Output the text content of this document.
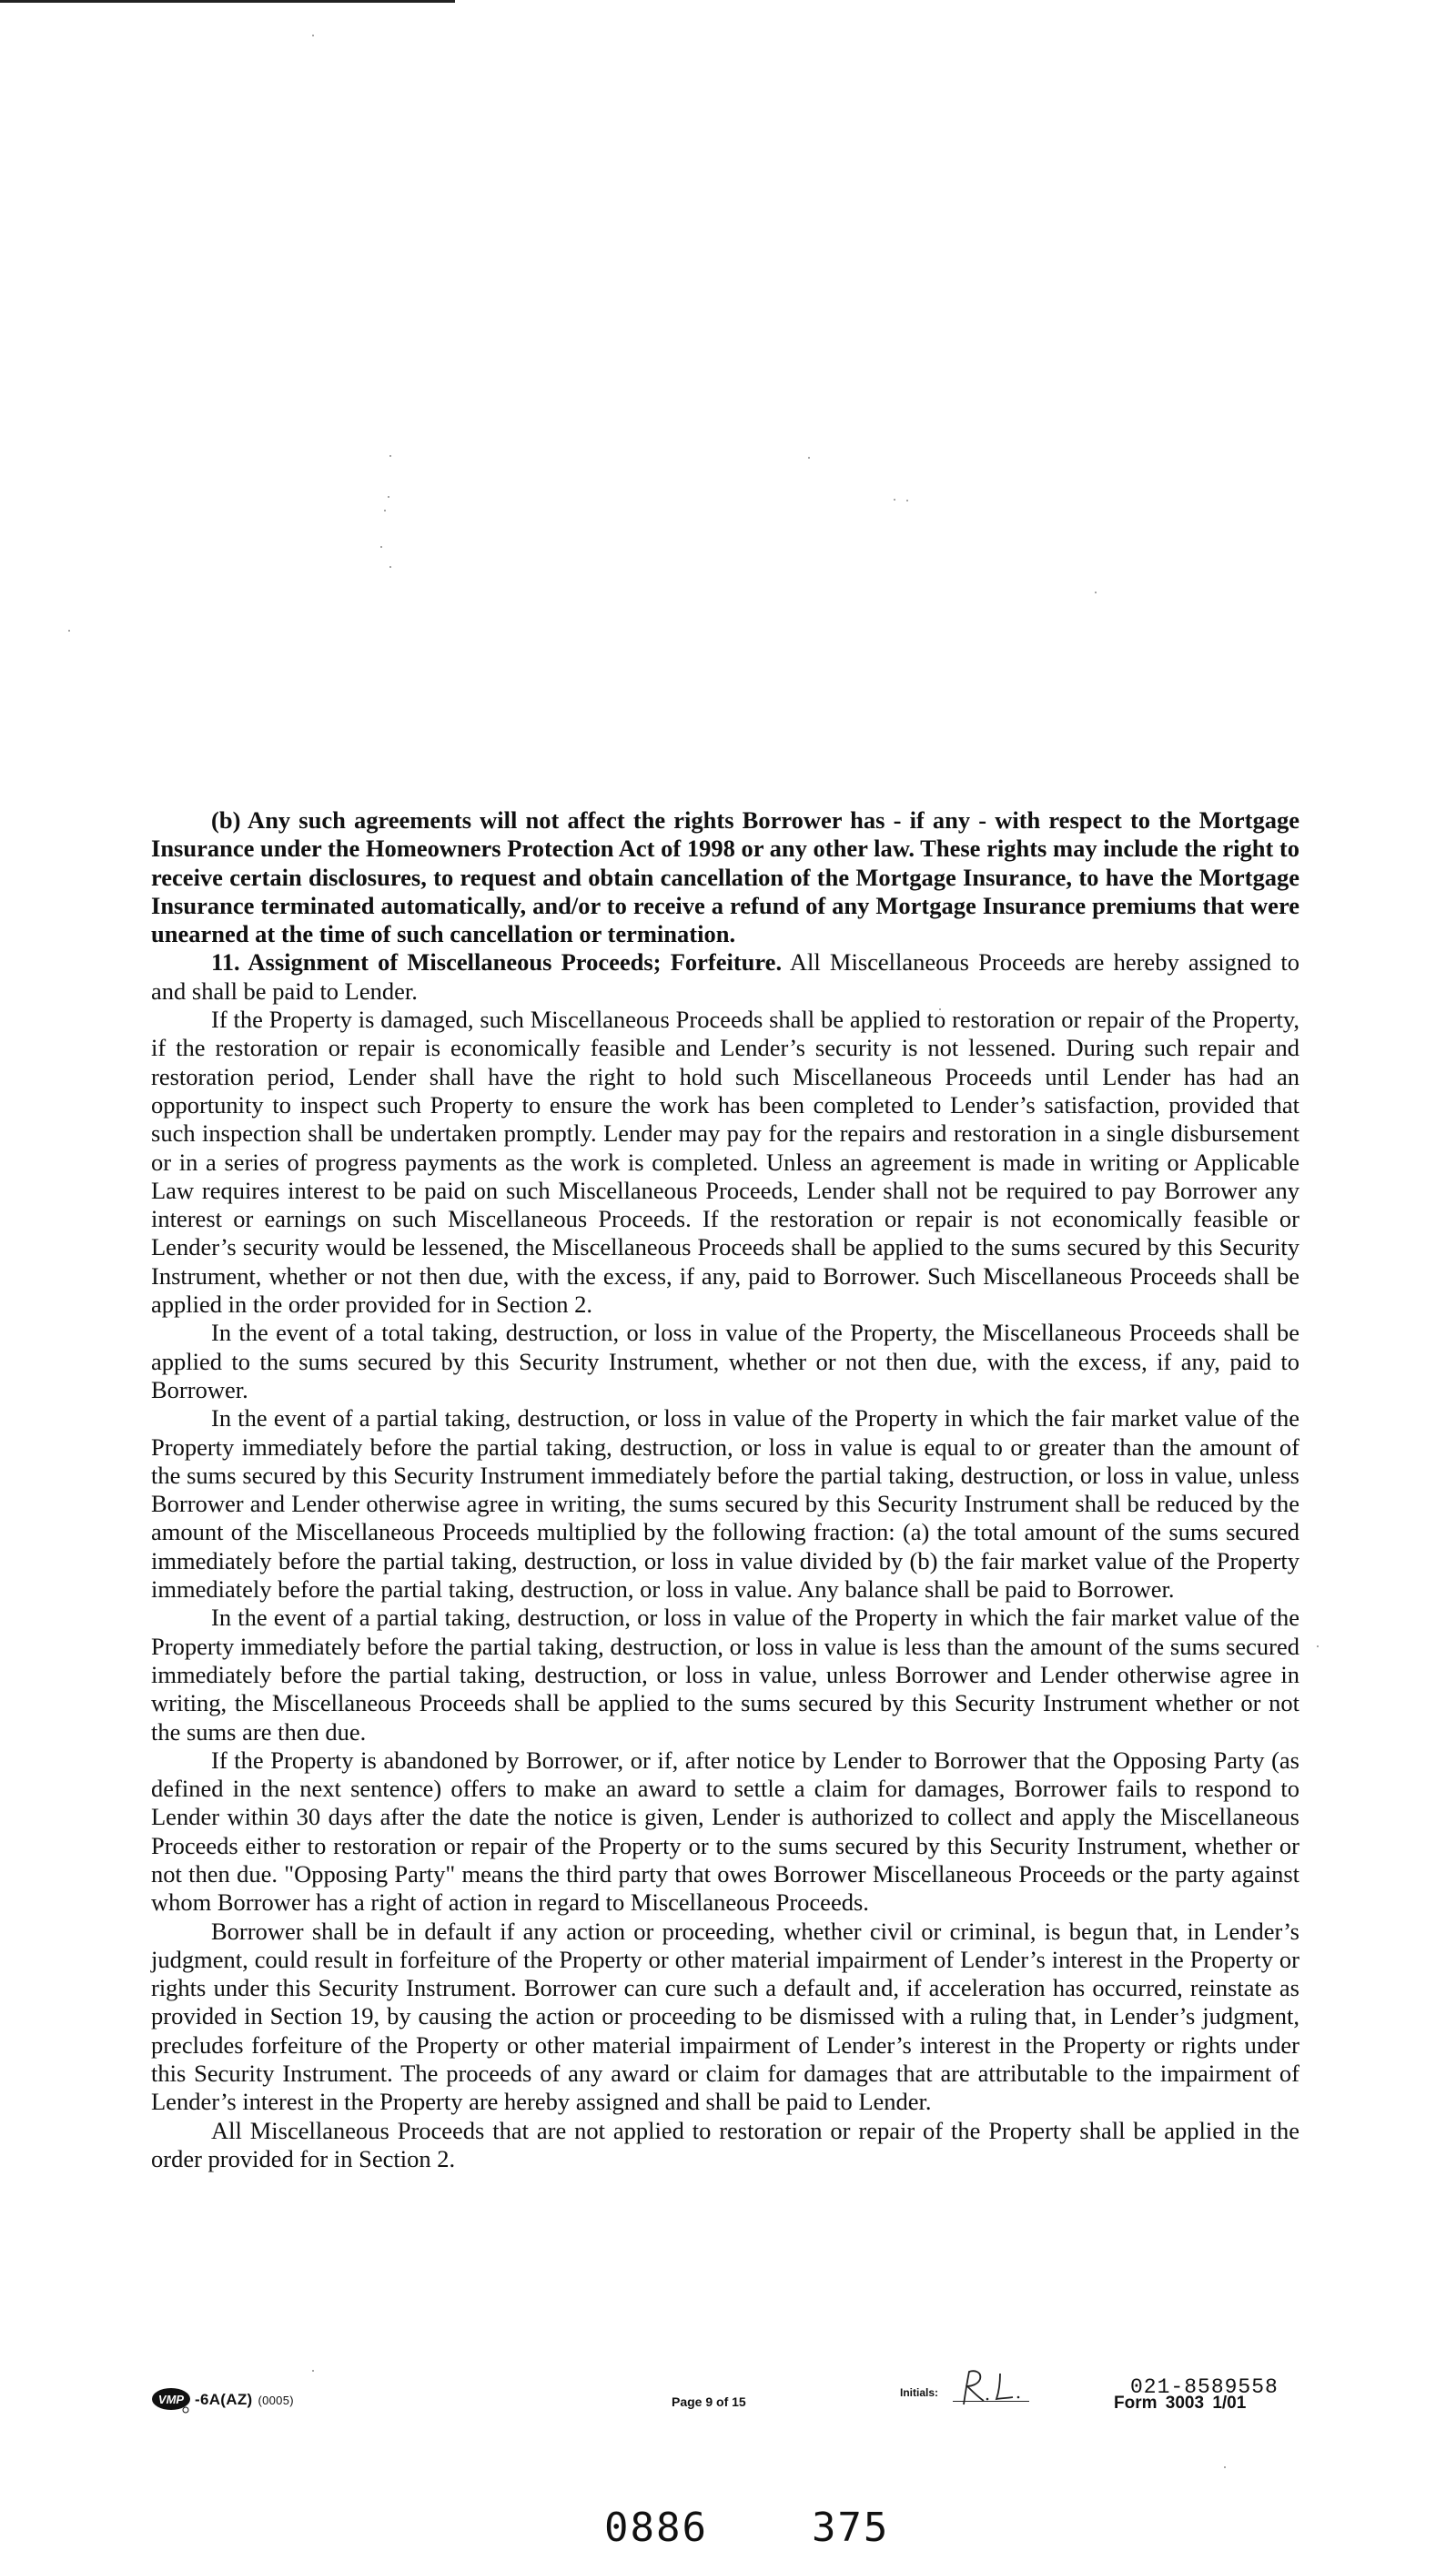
(b) Any such agreements will not affect the rights Borrower has - if any - with respect to the Mortgage Insurance under the Homeowners Protection Act of 1998 or any other law. These rights may include the right to receive certain disclosures, to request and obtain cancellation of the Mortgage Insurance, to have the Mortgage Insurance terminated automatically, and/or to receive a refund of any Mortgage Insurance premiums that were unearned at the time of such cancellation or termination.

11. Assignment of Miscellaneous Proceeds; Forfeiture. All Miscellaneous Proceeds are hereby assigned to and shall be paid to Lender.

If the Property is damaged, such Miscellaneous Proceeds shall be applied to restoration or repair of the Property, if the restoration or repair is economically feasible and Lender’s security is not lessened. During such repair and restoration period, Lender shall have the right to hold such Miscellaneous Proceeds until Lender has had an opportunity to inspect such Property to ensure the work has been completed to Lender’s satisfaction, provided that such inspection shall be undertaken promptly. Lender may pay for the repairs and restoration in a single disbursement or in a series of progress payments as the work is completed. Unless an agreement is made in writing or Applicable Law requires interest to be paid on such Miscellaneous Proceeds, Lender shall not be required to pay Borrower any interest or earnings on such Miscellaneous Proceeds. If the restoration or repair is not economically feasible or Lender’s security would be lessened, the Miscellaneous Proceeds shall be applied to the sums secured by this Security Instrument, whether or not then due, with the excess, if any, paid to Borrower. Such Miscellaneous Proceeds shall be applied in the order provided for in Section 2.

In the event of a total taking, destruction, or loss in value of the Property, the Miscellaneous Proceeds shall be applied to the sums secured by this Security Instrument, whether or not then due, with the excess, if any, paid to Borrower.

In the event of a partial taking, destruction, or loss in value of the Property in which the fair market value of the Property immediately before the partial taking, destruction, or loss in value is equal to or greater than the amount of the sums secured by this Security Instrument immediately before the partial taking, destruction, or loss in value, unless Borrower and Lender otherwise agree in writing, the sums secured by this Security Instrument shall be reduced by the amount of the Miscellaneous Proceeds multiplied by the following fraction: (a) the total amount of the sums secured immediately before the partial taking, destruction, or loss in value divided by (b) the fair market value of the Property immediately before the partial taking, destruction, or loss in value. Any balance shall be paid to Borrower.

In the event of a partial taking, destruction, or loss in value of the Property in which the fair market value of the Property immediately before the partial taking, destruction, or loss in value is less than the amount of the sums secured immediately before the partial taking, destruction, or loss in value, unless Borrower and Lender otherwise agree in writing, the Miscellaneous Proceeds shall be applied to the sums secured by this Security Instrument whether or not the sums are then due.

If the Property is abandoned by Borrower, or if, after notice by Lender to Borrower that the Opposing Party (as defined in the next sentence) offers to make an award to settle a claim for damages, Borrower fails to respond to Lender within 30 days after the date the notice is given, Lender is authorized to collect and apply the Miscellaneous Proceeds either to restoration or repair of the Property or to the sums secured by this Security Instrument, whether or not then due. "Opposing Party" means the third party that owes Borrower Miscellaneous Proceeds or the party against whom Borrower has a right of action in regard to Miscellaneous Proceeds.

Borrower shall be in default if any action or proceeding, whether civil or criminal, is begun that, in Lender’s judgment, could result in forfeiture of the Property or other material impairment of Lender’s interest in the Property or rights under this Security Instrument. Borrower can cure such a default and, if acceleration has occurred, reinstate as provided in Section 19, by causing the action or proceeding to be dismissed with a ruling that, in Lender’s judgment, precludes forfeiture of the Property or other material impairment of Lender’s interest in the Property or rights under this Security Instrument. The proceeds of any award or claim for damages that are attributable to the impairment of Lender’s interest in the Property are hereby assigned and shall be paid to Lender.

All Miscellaneous Proceeds that are not applied to restoration or repair of the Property shall be applied in the order provided for in Section 2.

VMP -6A(AZ) (0005)	Page 9 of 15
Initials:	021-8589558
Form 3003 1/01
0886	375
